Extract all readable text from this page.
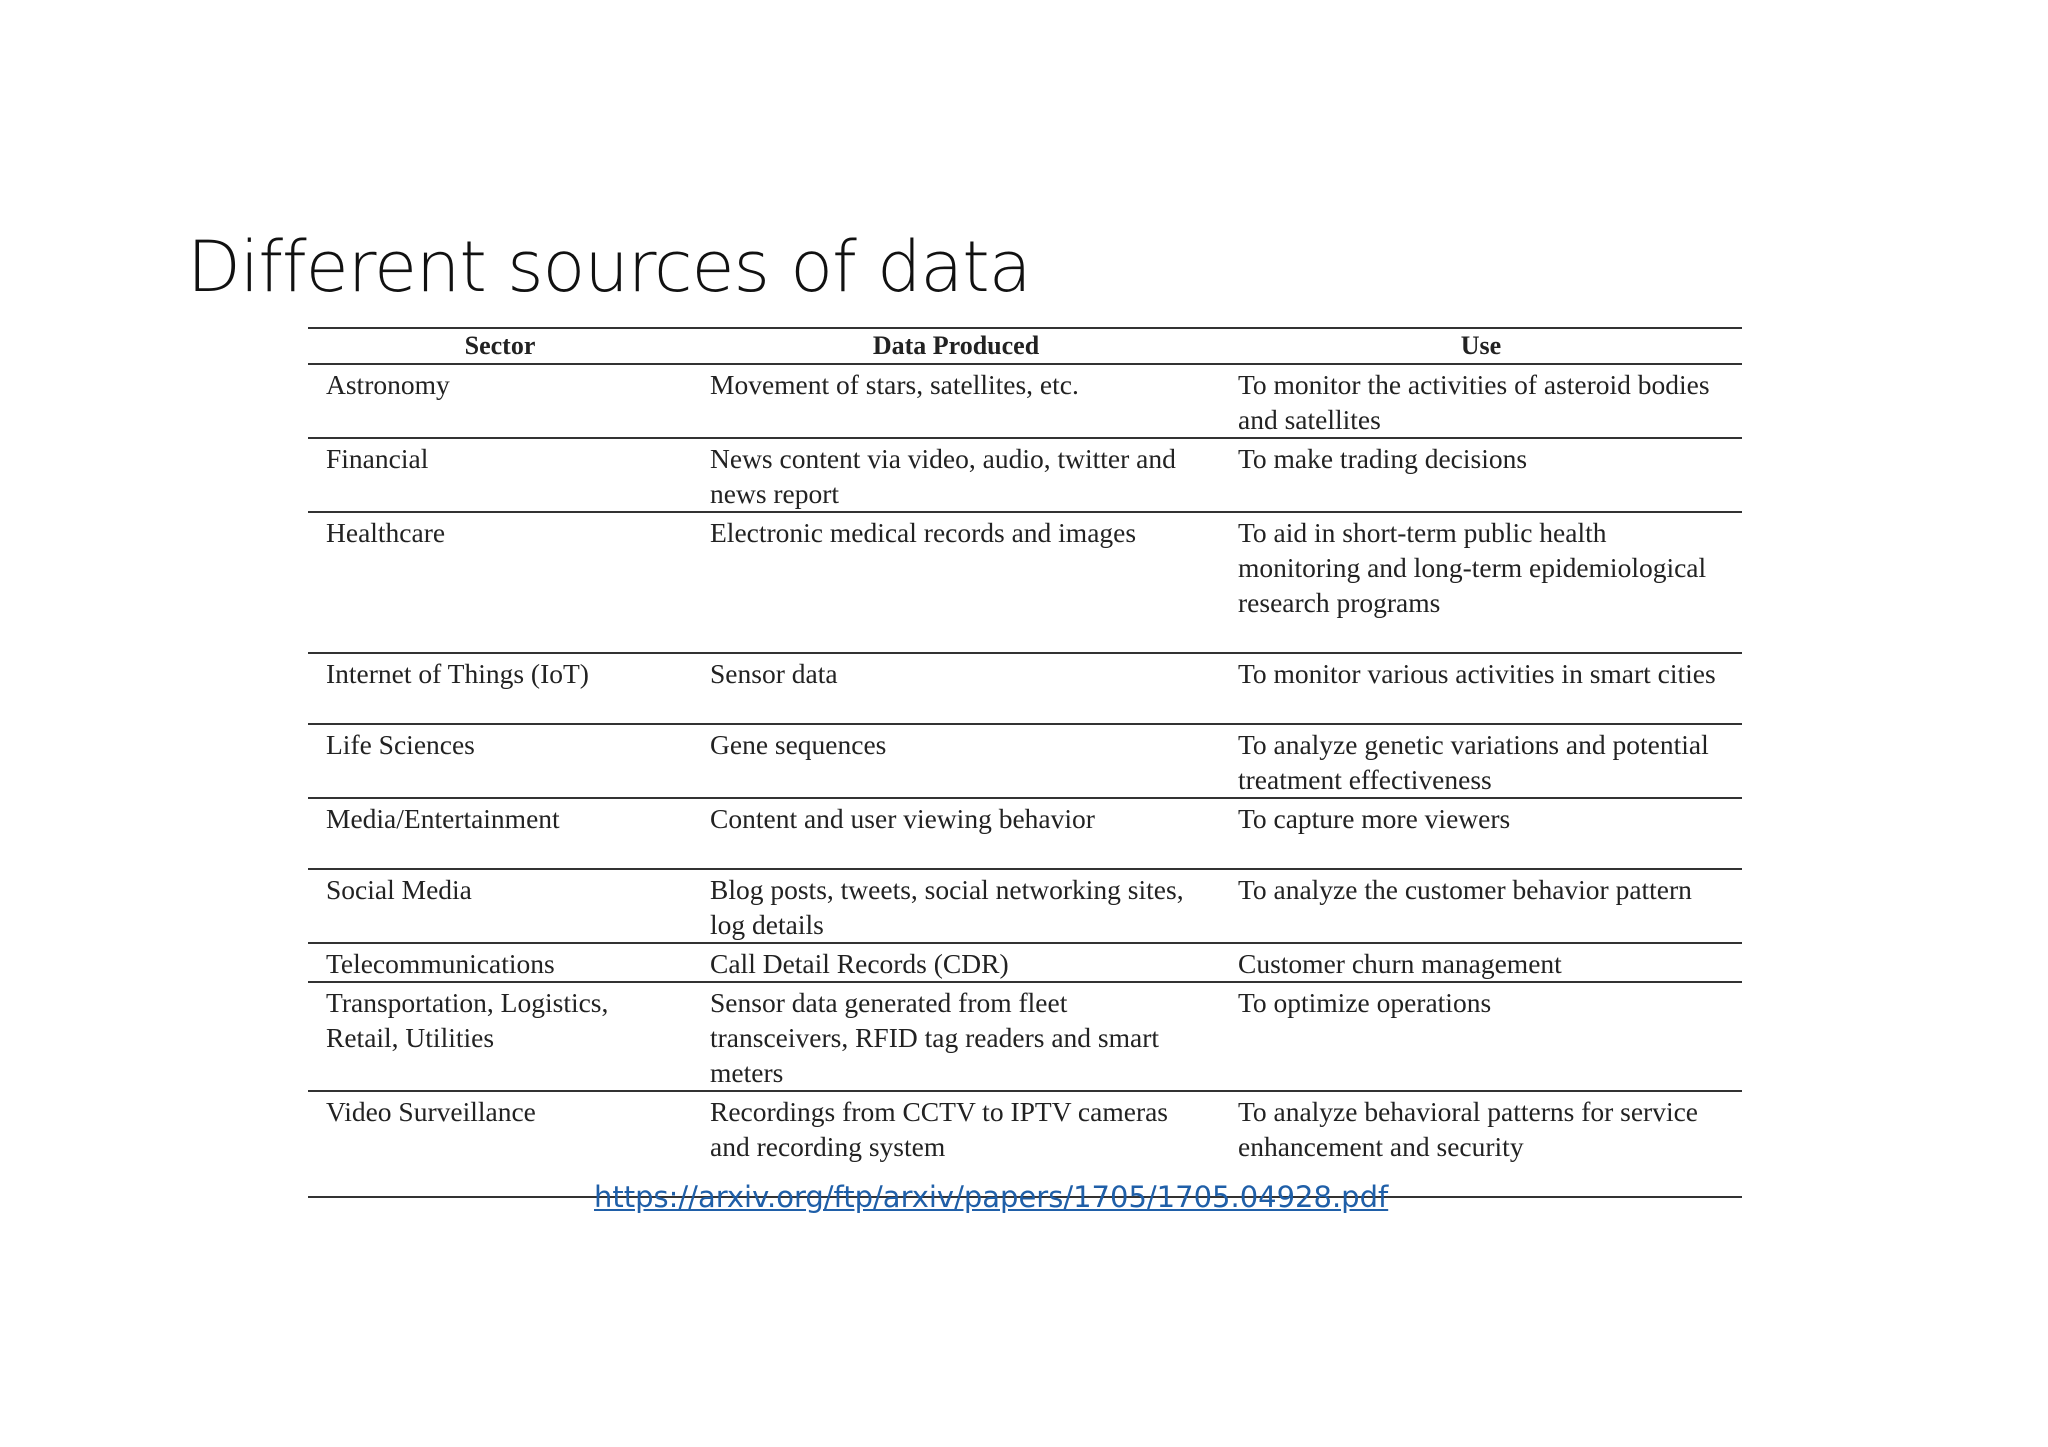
Different sources of data
Sector	Data Produced	Use
Astronomy	Movement of stars, satellites, etc.	To monitor the activities of asteroid bodies and satellites
Financial	News content via video, audio, twitter and news report	To make trading decisions
Healthcare	Electronic medical records and images	To aid in short-term public health monitoring and long-term epidemiological research programs
Internet of Things (IoT)	Sensor data	To monitor various activities in smart cities
Life Sciences	Gene sequences	To analyze genetic variations and potential treatment effectiveness
Media/Entertainment	Content and user viewing behavior	To capture more viewers
Social Media	Blog posts, tweets, social networking sites, log details	To analyze the customer behavior pattern
Telecommunications	Call Detail Records (CDR)	Customer churn management
Transportation, Logistics, Retail, Utilities	Sensor data generated from fleet transceivers, RFID tag readers and smart meters	To optimize operations
Video Surveillance	Recordings from CCTV to IPTV cameras and recording system	To analyze behavioral patterns for service enhancement and security
https://arxiv.org/ftp/arxiv/papers/1705/1705.04928.pdf
